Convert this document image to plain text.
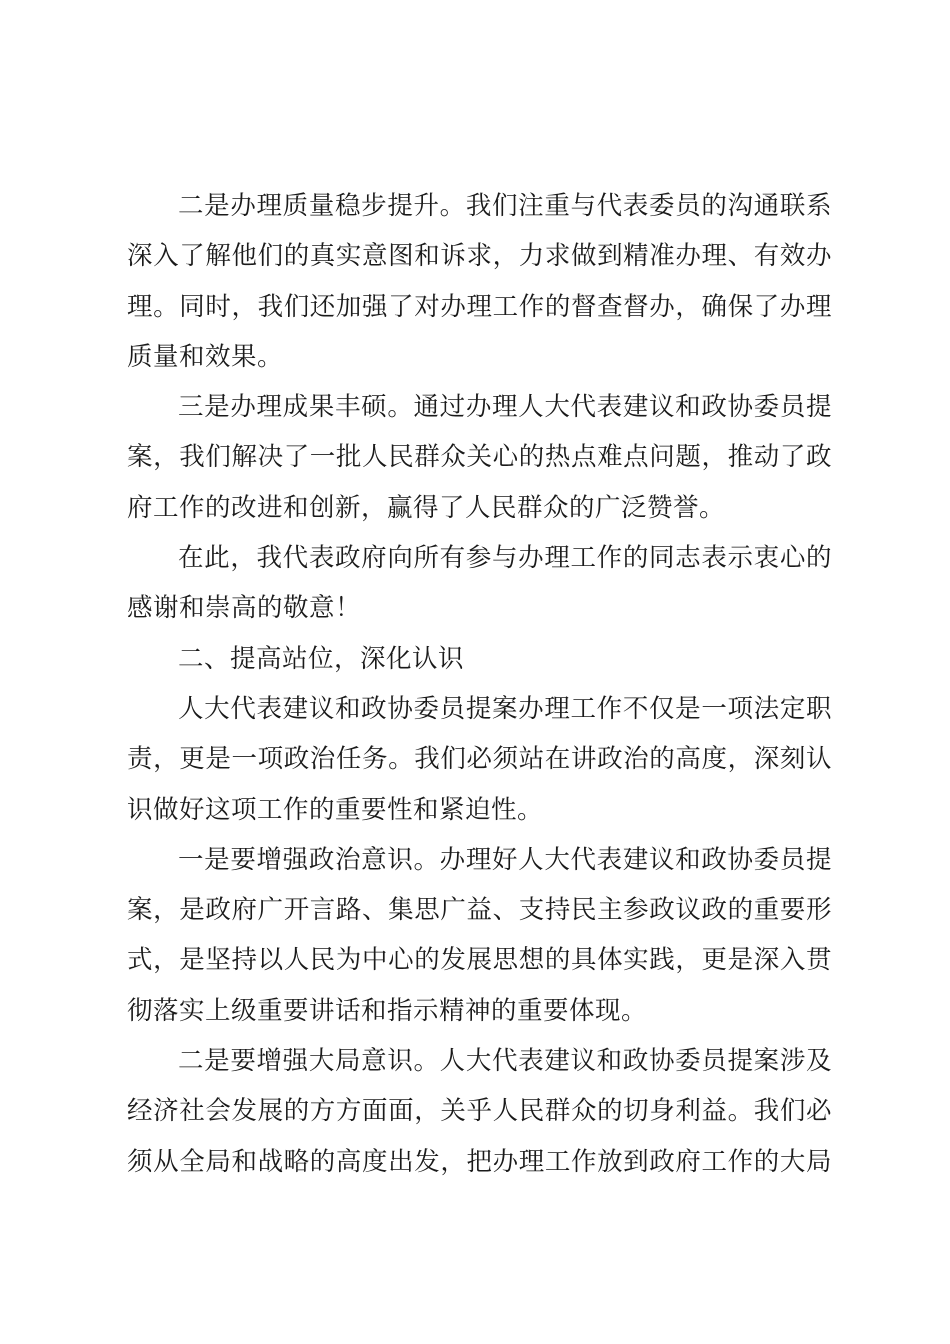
二是办理质量稳步提升。我们注重与代表委员的沟通联系
深入了解他们的真实意图和诉求，力求做到精准办理、有效办
理。同时，我们还加强了对办理工作的督查督办，确保了办理
质量和效果。

三是办理成果丰硕。通过办理人大代表建议和政协委员提
案，我们解决了一批人民群众关心的热点难点问题，推动了政
府工作的改进和创新，赢得了人民群众的广泛赞誉。

在此，我代表政府向所有参与办理工作的同志表示衷心的
感谢和崇高的敬意！

二、提高站位，深化认识

人大代表建议和政协委员提案办理工作不仅是一项法定职
责，更是一项政治任务。我们必须站在讲政治的高度，深刻认
识做好这项工作的重要性和紧迫性。

一是要增强政治意识。办理好人大代表建议和政协委员提
案，是政府广开言路、集思广益、支持民主参政议政的重要形
式，是坚持以人民为中心的发展思想的具体实践，更是深入贯
彻落实上级重要讲话和指示精神的重要体现。

二是要增强大局意识。人大代表建议和政协委员提案涉及
经济社会发展的方方面面，关乎人民群众的切身利益。我们必
须从全局和战略的高度出发，把办理工作放到政府工作的大局
